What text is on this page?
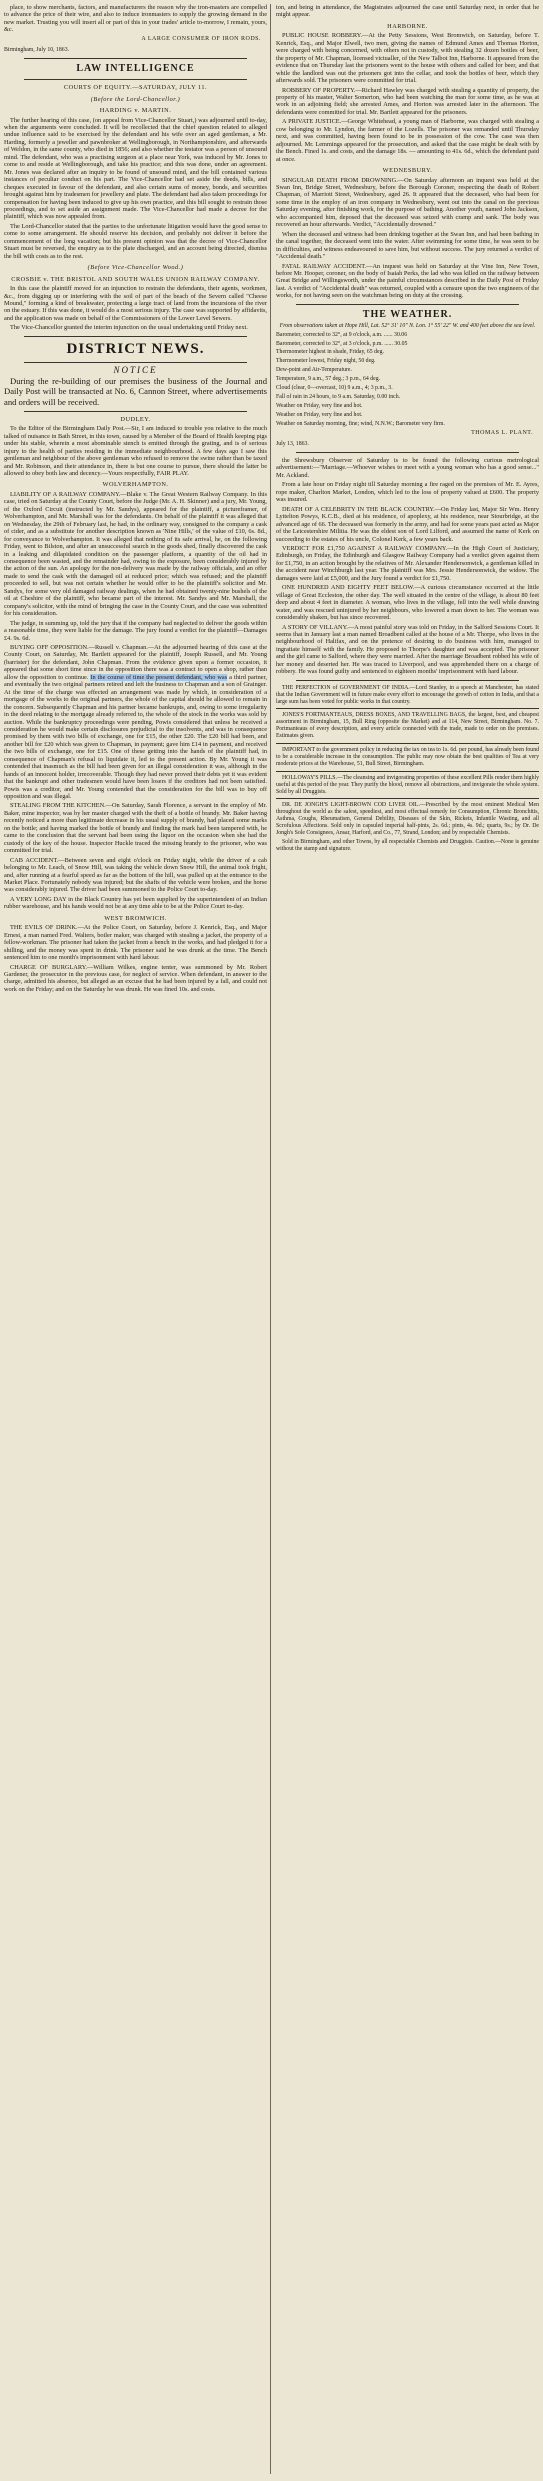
place, to show merchants, factors, and manufacturers the reason why the iron-masters are compelled to advance the price of their wire, and also to induce ironmasters to supply the growing demand in the new market. Trusting you will insert all or part of this in your trades' article to-morrow, I remain, yours, &c.

A LARGE CONSUMER OF IRON RODS.

Birmingham, July 10, 1863.

LAW INTELLIGENCE
COURTS OF EQUITY.—SATURDAY, JULY 11.
(Before the Lord-Chancellor.)
HARDING v. MARTIN.

The further hearing of this case, (on appeal from Vice-Chancellor Stuart,) was adjourned until to-day, when the arguments were concluded. It will be recollected that the chief question related to alleged undue influence said to be exercised by the defendant and his wife over an aged gentleman, a Mr. Harding, formerly a jeweller and pawnbroker at Wellingborough, in Northamptonshire, and afterwards of Weldon, in the same county, who died in 1856; and also whether the testator was a person of unsound mind. The defendant, who was a practising surgeon at a place near York, was induced by Mr. Jones to come to and reside at Wellingborough, and take his practice; and this was done, under an agreement. Mr. Jones was declared after an inquiry to be found of unsound mind, and the bill contained various instances of peculiar conduct on his part. The Vice-Chancellor had set aside the deeds, bills, and cheques executed in favour of the defendant, and also certain sums of money, bonds, and securities brought against him by tradesmen for jewellery and plate. The defendant had also taken proceedings for compensation for having been induced to give up his own practice, and this bill sought to restrain those proceedings, and to set aside an assignment made. The Vice-Chancellor had made a decree for the plaintiff, which was now appealed from.

The Lord-Chancellor stated that the parties to the unfortunate litigation would have the good sense to come to some arrangement. He should reserve his decision, and probably not deliver it before the commencement of the long vacation; but his present opinion was that the decree of Vice-Chancellor Stuart must be reversed, the enquiry as to the plate discharged, and an account being directed, dismiss the bill with costs as to the rest.

(Before Vice-Chancellor Wood.)
CROSBIE v. THE BRISTOL AND SOUTH WALES UNION RAILWAY COMPANY.

In this case the plaintiff moved for an injunction to restrain the defendants, their agents, workmen, &c., from digging up or interfering with the soil of part of the beach of the Severn called "Cheese Mound," forming a kind of breakwater, protecting a large tract of land from the incursions of the river on the estuary. If this was done, it would do a most serious injury. The case was supported by affidavits, and the application was made on behalf of the Commissioners of the Lower Level Sewers.

The Vice-Chancellor granted the interim injunction on the usual undertaking until Friday next.

DISTRICT NEWS.
NOTICE

During the re-building of our premises the business of the Journal and Daily Post will be transacted at No. 6, Cannon Street, where advertisements and orders will be received.

DUDLEY.

To the Editor of the Birmingham Daily Post.—Sir, I am induced to trouble you relative to the much talked of nuisance in Bath Street, in this town, caused by a Member of the Board of Health keeping pigs under his stable, wherein a most abominable stench is emitted through the grating, and is of serious injury to the health of parties residing in the immediate neighbourhood. A few days ago I saw this gentleman and neighbour of the above gentleman who refused to remove the swine rather than be taxed and Mr. Robinson, and their attendance in, there is but one course to pursue, there should the latter be allowed to obey both law and decency.—Yours respectfully, FAIR PLAY.

WOLVERHAMPTON.

LIABILITY OF A RAILWAY COMPANY.—Blake v. The Great Western Railway Company. In this case, tried on Saturday at the County Court, before the Judge (Mr. A. H. Skinner) and a jury, Mr. Young, of the Oxford Circuit (instructed by Mr. Sandys), appeared for the plaintiff, a pictureframer, of Wolverhampton, and Mr. Marshall was for the defendants. On behalf of the plaintiff it was alleged that on Wednesday, the 29th of February last, he had, in the ordinary way, consigned to the company a cask of cider, and as a substitute for another description known as 'Nine Hills,' of the value of £10, 6s. 8d., for conveyance to Wolverhampton. It was alleged that nothing of its safe arrival, he, on the following Friday, went to Bilston, and after an unsuccessful search in the goods shed, finally discovered the cask in a leaking and dilapidated condition on the passenger platform, a quantity of the oil had in consequence been wasted, and the remainder had, owing to the exposure, been considerably injured by the action of the sun. An apology for the non-delivery was made by the railway officials, and an offer made to send the cask with the damaged oil at reduced price; which was refused; and the plaintiff proceeded to sell, but was not certain whether he would offer to be the plaintiff's solicitor and Mr. Sandys, for some very old damaged railway dealings, when he had obtained twenty-nine bushels of the oil at Cheshire of the plaintiff, who became part of the interest. Mr. Sandys and Mr. Marshall, the company's solicitor, with the mind of bringing the case in the County Court, and the case was submitted for his consideration.

The judge, in summing up, told the jury that if the company had neglected to deliver the goods within a reasonable time, they were liable for the damage. The jury found a verdict for the plaintiff—Damages £4. 9s. 6d.

BUYING OFF OPPOSITION.—Russell v. Chapman.—At the adjourned hearing of this case at the County Court, on Saturday, Mr. Bartlett appeared for the plaintiff, Joseph Russell, and Mr. Young (barrister) for the defendant, John Chapman. From the evidence given upon a former occasion, it appeared that some short time since in the opposition there was a contract to open a shop, rather than allow the opposition to continue. In the course of time the present defendant, who was a third partner, and eventually the two original partners retired and left the business to Chapman and a son of Grainger. At the time of the charge was effected an arrangement was made by which, in consideration of a mortgage of the works to the original partners, the whole of the capital should be allowed to remain in the concern. Subsequently Chapman and his partner became bankrupts, and, owing to some irregularity in the deed relating to the mortgage already referred to, the whole of the stock in the works was sold by auction. While the bankruptcy proceedings were pending, Powis considered that unless he received a consideration he would make certain disclosures prejudicial to the insolvents, and was in consequence promised by them with two bills of exchange, one for £15, the other £20. The £20 bill had been, and another bill for £20 which was given to Chapman, in payment; gave him £14 in payment, and received the two bills of exchange, one for £15. One of these getting into the hands of the plaintiff had, in consequence of Chapman's refusal to liquidate it, led to the present action. By Mr. Young it was contended that inasmuch as the bill had been given for an illegal consideration it was, although in the hands of an innocent holder, irrecoverable. Though they had never proved their debts yet it was evident that the bankrupt and other tradesmen would have been losers if the creditors had not been satisfied. Powis was a creditor, and Mr. Young contended that the consideration for the bill was to buy off opposition and was illegal.

STEALING FROM THE KITCHEN.—On Saturday, Sarah Florence, a servant in the employ of Mr. Baker, mine inspector, was by her master charged with the theft of a bottle of brandy. Mr. Baker having recently noticed a more than legitimate decrease in his usual supply of brandy, had placed some marks on the bottle; and having marked the bottle of brandy and finding the mark had been tampered with, he came to the conclusion that the servant had been using the liquor on the occasion when she had the custody of the key of the house. Inspector Huckle traced the missing brandy to the prisoner, who was committed for trial.

CAB ACCIDENT.—Between seven and eight o'clock on Friday night, while the driver of a cab belonging to Mr. Leach, of Snow Hill, was taking the vehicle down Snow Hill, the animal took fright, and, after running at a fearful speed as far as the bottom of the hill, was pulled up at the entrance to the Market Place. Fortunately nobody was injured; but the shafts of the vehicle were broken, and the horse was considerably injured. The driver had been summoned to the Police Court to-day.

A VERY LONG DAY in the Black Country has yet been supplied by the superintendent of an Indian rubber warehouse, and his hands would not be at any time able to be at the Police Court to-day.

WEST BROMWICH.

THE EVILS OF DRINK.—At the Police Court, on Saturday, before J. Kenrick, Esq., and Major Ernest, a man named Fred. Walters, boiler maker, was charged with stealing a jacket, the property of a fellow-workman. The prisoner had taken the jacket from a bench in the works, and had pledged it for a shilling, and the money was spent in drink. The prisoner said he was drunk at the time. The Bench sentenced him to one month's imprisonment with hard labour.

CHARGE OF BURGLARY.—William Wilkes, engine tenter, was summoned by Mr. Robert Gardener, the prosecutor in the previous case, for neglect of service. When defendant, in answer to the charge, admitted his absence, but alleged as an excuse that he had been injured by a fall, and could not work on the Friday; and on the Saturday he was drunk. He was fined 10s. and costs.

ton, and being in attendance, the Magistrates adjourned the case until Saturday next, in order that he might appear.

HARBORNE.

PUBLIC HOUSE ROBBERY.—At the Petty Sessions, West Bromwich, on Saturday, before T. Kenrick, Esq., and Major Elwell, two men, giving the names of Edmund Ames and Thomas Horton, were charged with being concerned, with others not in custody, with stealing 32 dozen bottles of beer, the property of Mr. Chapman, licensed victualler, of the New Talbot Inn, Harborne. It appeared from the evidence that on Thursday last the prisoners went to the house with others and called for beer, and that while the landlord was out the prisoners got into the cellar, and took the bottles of beer, which they afterwards sold. The prisoners were committed for trial.

ROBBERY OF PROPERTY.—Richard Hawley was charged with stealing a quantity of property, the property of his master, Walter Somerton, who had been watching the man for some time, as he was at work in an adjoining field; she arrested Ames, and Horton was arrested later in the afternoon. The defendants were committed for trial. Mr. Bartlett appeared for the prisoners.

A PRIVATE JUSTICE.—George Whitehead, a young man of Harborne, was charged with stealing a cow belonging to Mr. Lyndon, the farmer of the Lozells. The prisoner was remanded until Thursday next, and was committed, having been found to be in possession of the cow. The case was then adjourned. Mr. Lemmings appeared for the prosecution, and asked that the case might be dealt with by the Bench. Fined 1s. and costs, and the damage 18s. — amounting to 41s. 6d., which the defendant paid at once.

WEDNESBURY.

SINGULAR DEATH FROM DROWNING.—On Saturday afternoon an inquest was held at the Swan Inn, Bridge Street, Wednesbury, before the Borough Coroner, respecting the death of Robert Chapman, of Marriott Street, Wednesbury, aged 26. It appeared that the deceased, who had been for some time in the employ of an iron company in Wednesbury, went out into the canal on the previous Saturday evening, after finishing work, for the purpose of bathing. Another youth, named John Jackson, who accompanied him, deposed that the deceased was seized with cramp and sank. The body was recovered an hour afterwards. Verdict, "Accidentally drowned."

When the deceased and witness had been drinking together at the Swan Inn, and had been bathing in the canal together, the deceased went into the water. After swimming for some time, he was seen to be in difficulties, and witness endeavoured to save him, but without success. The jury returned a verdict of "Accidental death."

FATAL RAILWAY ACCIDENT.—An inquest was held on Saturday at the Vine Inn, New Town, before Mr. Hooper, coroner, on the body of Isaiah Perks, the lad who was killed on the railway between Great Bridge and Willingsworth, under the painful circumstances described in the Daily Post of Friday last. A verdict of "Accidental death" was returned, coupled with a censure upon the two engineers of the works, for not having seen on the watchman being on duty at the crossing.

THE WEATHER.

From observations taken at Hope Hill, Lat. 52° 31' 10" N. Lon. 1° 55' 22" W. and 400 feet above the sea level.

Barometer, corrected to 32°, at 9 o'clock, a.m. ...... 30.06

Barometer, corrected to 32°, at 3 o'clock, p.m. ...... 30.05

Thermometer highest in shade, Friday, 65 deg.

Thermometer lowest, Friday night, 50 deg.

Dew-point and Air-Temperature.

Temperature, 9 a.m., 57 deg.; 3 p.m., 64 deg.

Cloud (clear, 0—overcast, 10) 9 a.m., 4; 3 p.m., 3.

Fall of rain in 24 hours, to 9 a.m. Saturday, 0.00 inch.

Weather on Friday, very fine and hot.

Weather on Friday, very fine and hot.

Weather on Saturday morning, fine; wind, N.N.W.; Barometer very firm.

THOMAS L. PLANT.

July 13, 1863.

the Shrewsbury Observer of Saturday is to be found the following curious metrological advertisement:—"Marriage.—Whoever wishes to meet with a young woman who has a good sense..." Mr. Ackland.

From a late hour on Friday night till Saturday morning a fire raged on the premises of Mr. E. Ayres, rope maker, Charlton Market, London, which led to the loss of property valued at £600. The property was insured.

DEATH OF A CELEBRITY IN THE BLACK COUNTRY.—On Friday last, Major Sir Wm. Henry Lyttelton Powys, K.C.B., died at his residence, of apoplexy, at his residence, near Stourbridge, at the advanced age of 66. The deceased was formerly in the army, and had for some years past acted as Major of the Leicestershire Militia. He was the eldest son of Lord Lilford, and assumed the name of Kerk on succeeding to the estates of his uncle, Colonel Kerk, a few years back.

VERDICT FOR £1,750 AGAINST A RAILWAY COMPANY.—In the High Court of Justiciary, Edinburgh, on Friday, the Edinburgh and Glasgow Railway Company had a verdict given against them for £1,750, in an action brought by the relatives of Mr. Alexander Hendersonwick, a gentleman killed in the accident near Winchburgh last year. The plaintiff was Mrs. Jessie Hendersonwick, the widow. The damages were laid at £5,000, and the Jury found a verdict for £1,750.

ONE HUNDRED AND EIGHTY FEET BELOW.—A curious circumstance occurred at the little village of Great Eccleston, the other day. The well situated in the centre of the village, is about 80 feet deep and about 4 feet in diameter. A woman, who lives in the village, fell into the well while drawing water, and was rescued uninjured by her neighbours, who lowered a man down to her. The woman was considerably shaken, but has since recovered.

A STORY OF VILLANY.—A most painful story was told on Friday, in the Salford Sessions Court. It seems that in January last a man named Broadbent called at the house of a Mr. Thorpe, who lives in the neighbourhood of Halifax, and on the pretence of desiring to do business with him, managed to ingratiate himself with the family. He proposed to Thorpe's daughter and was accepted. The prisoner and the girl came to Salford, where they were married. After the marriage Broadbent robbed his wife of her money and deserted her. He was traced to Liverpool, and was apprehended there on a charge of robbery. He was found guilty and sentenced to eighteen months' imprisonment with hard labour.

THE PERFECTION of GOVERNMENT OF INDIA.—Lord Stanley, in a speech at Manchester, has stated that the Indian Government will in future make every effort to encourage the growth of cotton in India, and that a large sum has been voted for public works in that country.

JONES'S FORTMANTEAUS, DRESS BOXES, AND TRAVELLING BAGS, the largest, best, and cheapest assortment in Birmingham, 15, Bull Ring (opposite the Market) and at 114, New Street, Birmingham. No. 7. Portmanteaus of every description, and every article connected with the trade, made to order on the premises. Estimates given.

IMPORTANT to the government policy in reducing the tax on tea to 1s. 6d. per pound, has already been found to be a considerable increase in the consumption. The public may now obtain the best qualities of Tea at very moderate prices at the Warehouse, 51, Bull Street, Birmingham.

HOLLOWAY'S PILLS.—The cleansing and invigorating properties of these excellent Pills render them highly useful at this period of the year. They purify the blood, remove all obstructions, and invigorate the whole system. Sold by all Druggists.

DR. DE JONGH'S LIGHT-BROWN COD LIVER OIL.—Prescribed by the most eminent Medical Men throughout the world as the safest, speediest, and most effectual remedy for Consumption, Chronic Bronchitis, Asthma, Coughs, Rheumatism, General Debility, Diseases of the Skin, Rickets, Infantile Wasting, and all Scrofulous Affections. Sold only in capsuled imperial half-pints, 2s. 6d.; pints, 4s. 9d.; quarts, 9s.; by Dr. De Jongh's Sole Consignees, Ansar, Harford, and Co., 77, Strand, London; and by respectable Chemists.

Sold in Birmingham, and other Towns, by all respectable Chemists and Druggists. Caution.—None is genuine without the stamp and signature.
